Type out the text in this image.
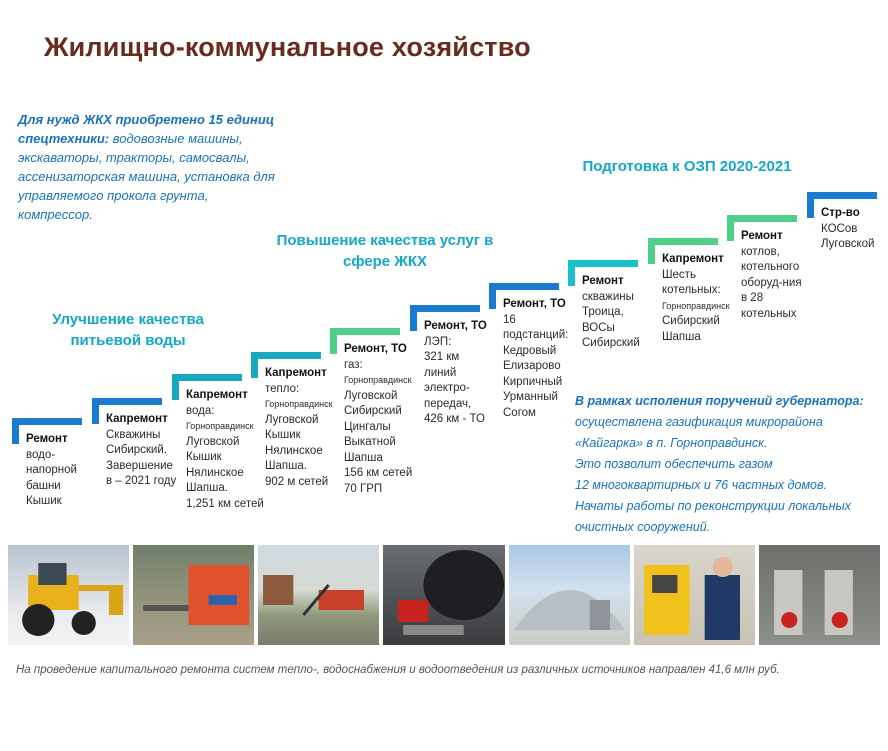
Жилищно-коммунальное хозяйство
Для нужд ЖКХ приобретено 15 единиц спецтехники: водовозные машины, экскаваторы, тракторы, самосвалы, ассенизаторская машина, установка для управляемого прокола грунта, компрессор.
Улучшение качества питьевой воды
Повышение качества услуг в сфере ЖКХ
Подготовка к ОЗП 2020-2021
Ремонт
водо-
напорной
башни
Кышик
Капремонт
Скважины
Сибирский.
Завершение
в – 2021 году
Капремонт
вода:
Горноправдинск
Луговской
Кышик
Нялинское
Шапша.
1,251 км сетей
Капремонт
тепло:
Горноправдинск
Луговской
Кышик
Нялинское
Шапша.
902 м сетей
Ремонт, ТО
газ:
Горноправдинск
Луговской
Сибирский
Цингалы
Выкатной
Шапша
156 км сетей
70 ГРП
Ремонт, ТО
ЛЭП:
321 км
линий
электро-
передач,
426 км - ТО
Ремонт, ТО
16
подстанций:
Кедровый
Елизарово
Кирпичный
Урманный
Согом
Ремонт
скважины
Троица,
ВОСы
Сибирский
Капремонт
Шесть
котельных:
Горноправдинск
Сибирский
Шапша
Ремонт
котлов,
котельного
оборуд-ния
в 28
котельных
Стр-во
КОСов
Луговской
В рамках исполения поручений губернатора:
осуществлена газификация микрорайона
«Кайгарка» в п. Горноправдинск.
Это позволит обеспечить газом
12 многоквартирных и 76 частных домов.
Начаты работы по реконструкции локальных
очистных сооружений.
На проведение капитального ремонта систем тепло-, водоснабжения и водоотведения из различных источников направлен 41,6 млн руб.
